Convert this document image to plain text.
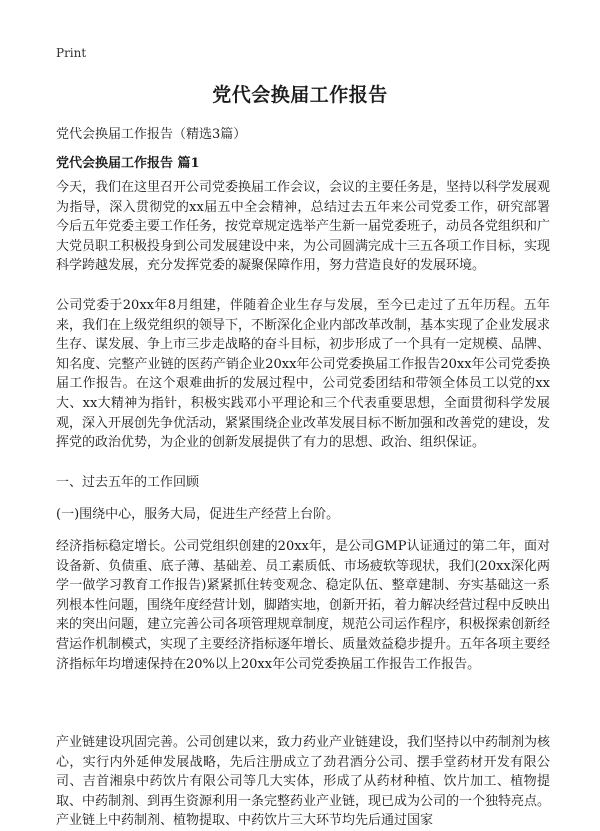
Print
党代会换届工作报告
党代会换届工作报告（精选3篇）
党代会换届工作报告 篇1

今天，我们在这里召开公司党委换届工作会议，会议的主要任务是，坚持以科学发展观为指导，深入贯彻党的xx届五中全会精神，总结过去五年来公司党委工作，研究部署今后五年党委主要工作任务，按党章规定选举产生新一届党委班子，动员各党组织和广大党员职工积极投身到公司发展建设中来，为公司圆满完成十三五各项工作目标，实现科学跨越发展，充分发挥党委的凝聚保障作用，努力营造良好的发展环境。

公司党委于20xx年8月组建，伴随着企业生存与发展，至今已走过了五年历程。五年来，我们在上级党组织的领导下，不断深化企业内部改革改制，基本实现了企业发展求生存、谋发展、争上市三步走战略的奋斗目标，初步形成了一个具有一定规模、品牌、知名度、完整产业链的医药产销企业20xx年公司党委换届工作报告20xx年公司党委换届工作报告。在这个艰难曲折的发展过程中，公司党委团结和带领全体员工以党的xx大、xx大精神为指针，积极实践邓小平理论和三个代表重要思想，全面贯彻科学发展观，深入开展创先争优活动，紧紧围绕企业改革发展目标不断加强和改善党的建设，发挥党的政治优势，为企业的创新发展提供了有力的思想、政治、组织保证。

一、过去五年的工作回顾

(一)围绕中心，服务大局，促进生产经营上台阶。

经济指标稳定增长。公司党组织创建的20xx年，是公司GMP认证通过的第二年，面对设备新、负债重、底子薄、基础差、员工素质低、市场疲软等现状，我们(20xx深化两学一做学习教育工作报告)紧紧抓住转变观念、稳定队伍、整章建制、夯实基础这一系列根本性问题，围绕年度经营计划，脚踏实地，创新开拓，着力解决经营过程中反映出来的突出问题，建立完善公司各项管理规章制度，规范公司运作程序，积极探索创新经营运作机制模式，实现了主要经济指标逐年增长、质量效益稳步提升。五年各项主要经济指标年均增速保持在20%以上20xx年公司党委换届工作报告工作报告。

产业链建设巩固完善。公司创建以来，致力药业产业链建设，我们坚持以中药制剂为核心，实行内外延伸发展战略，先后注册成立了劲君酒分公司、摆手堂药材开发有限公司、吉首湘泉中药饮片有限公司等几大实体，形成了从药材种植、饮片加工、植物提取、中药制剂、到再生资源利用一条完整药业产业链，现已成为公司的一个独特亮点。产业链上中药制剂、植物提取、中药饮片三大环节均先后通过国家
